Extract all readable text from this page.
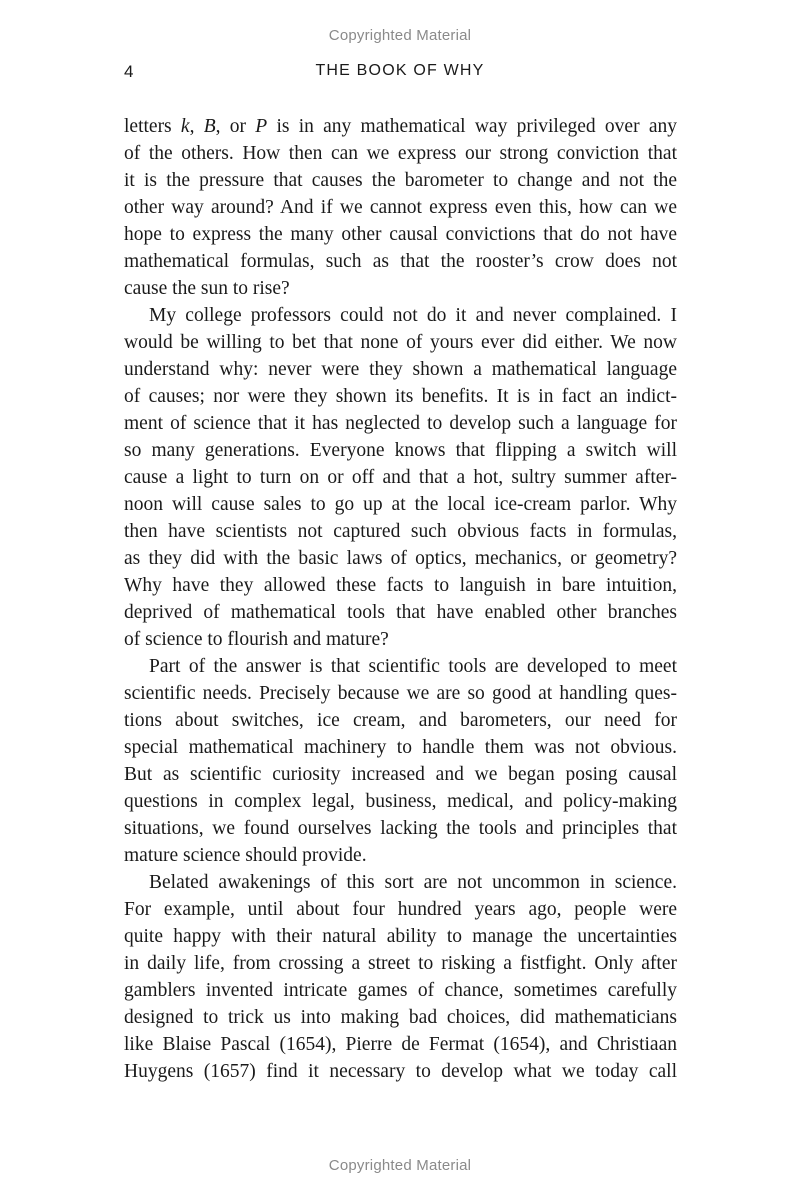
Copyrighted Material
4	THE BOOK OF WHY

letters k, B, or P is in any mathematical way privileged over any
of the others. How then can we express our strong conviction that
it is the pressure that causes the barometer to change and not the
other way around? And if we cannot express even this, how can we
hope to express the many other causal convictions that do not have
mathematical formulas, such as that the rooster’s crow does not
cause the sun to rise?

My college professors could not do it and never complained. I
would be willing to bet that none of yours ever did either. We now
understand why: never were they shown a mathematical language
of causes; nor were they shown its benefits. It is in fact an indict-
ment of science that it has neglected to develop such a language for
so many generations. Everyone knows that flipping a switch will
cause a light to turn on or off and that a hot, sultry summer after-
noon will cause sales to go up at the local ice-cream parlor. Why
then have scientists not captured such obvious facts in formulas,
as they did with the basic laws of optics, mechanics, or geometry?
Why have they allowed these facts to languish in bare intuition,
deprived of mathematical tools that have enabled other branches
of science to flourish and mature?

Part of the answer is that scientific tools are developed to meet
scientific needs. Precisely because we are so good at handling ques-
tions about switches, ice cream, and barometers, our need for
special mathematical machinery to handle them was not obvious.
But as scientific curiosity increased and we began posing causal
questions in complex legal, business, medical, and policy-making
situations, we found ourselves lacking the tools and principles that
mature science should provide.

Belated awakenings of this sort are not uncommon in science.
For example, until about four hundred years ago, people were
quite happy with their natural ability to manage the uncertainties
in daily life, from crossing a street to risking a fistfight. Only after
gamblers invented intricate games of chance, sometimes carefully
designed to trick us into making bad choices, did mathematicians
like Blaise Pascal (1654), Pierre de Fermat (1654), and Christiaan
Huygens (1657) find it necessary to develop what we today call

Copyrighted Material
